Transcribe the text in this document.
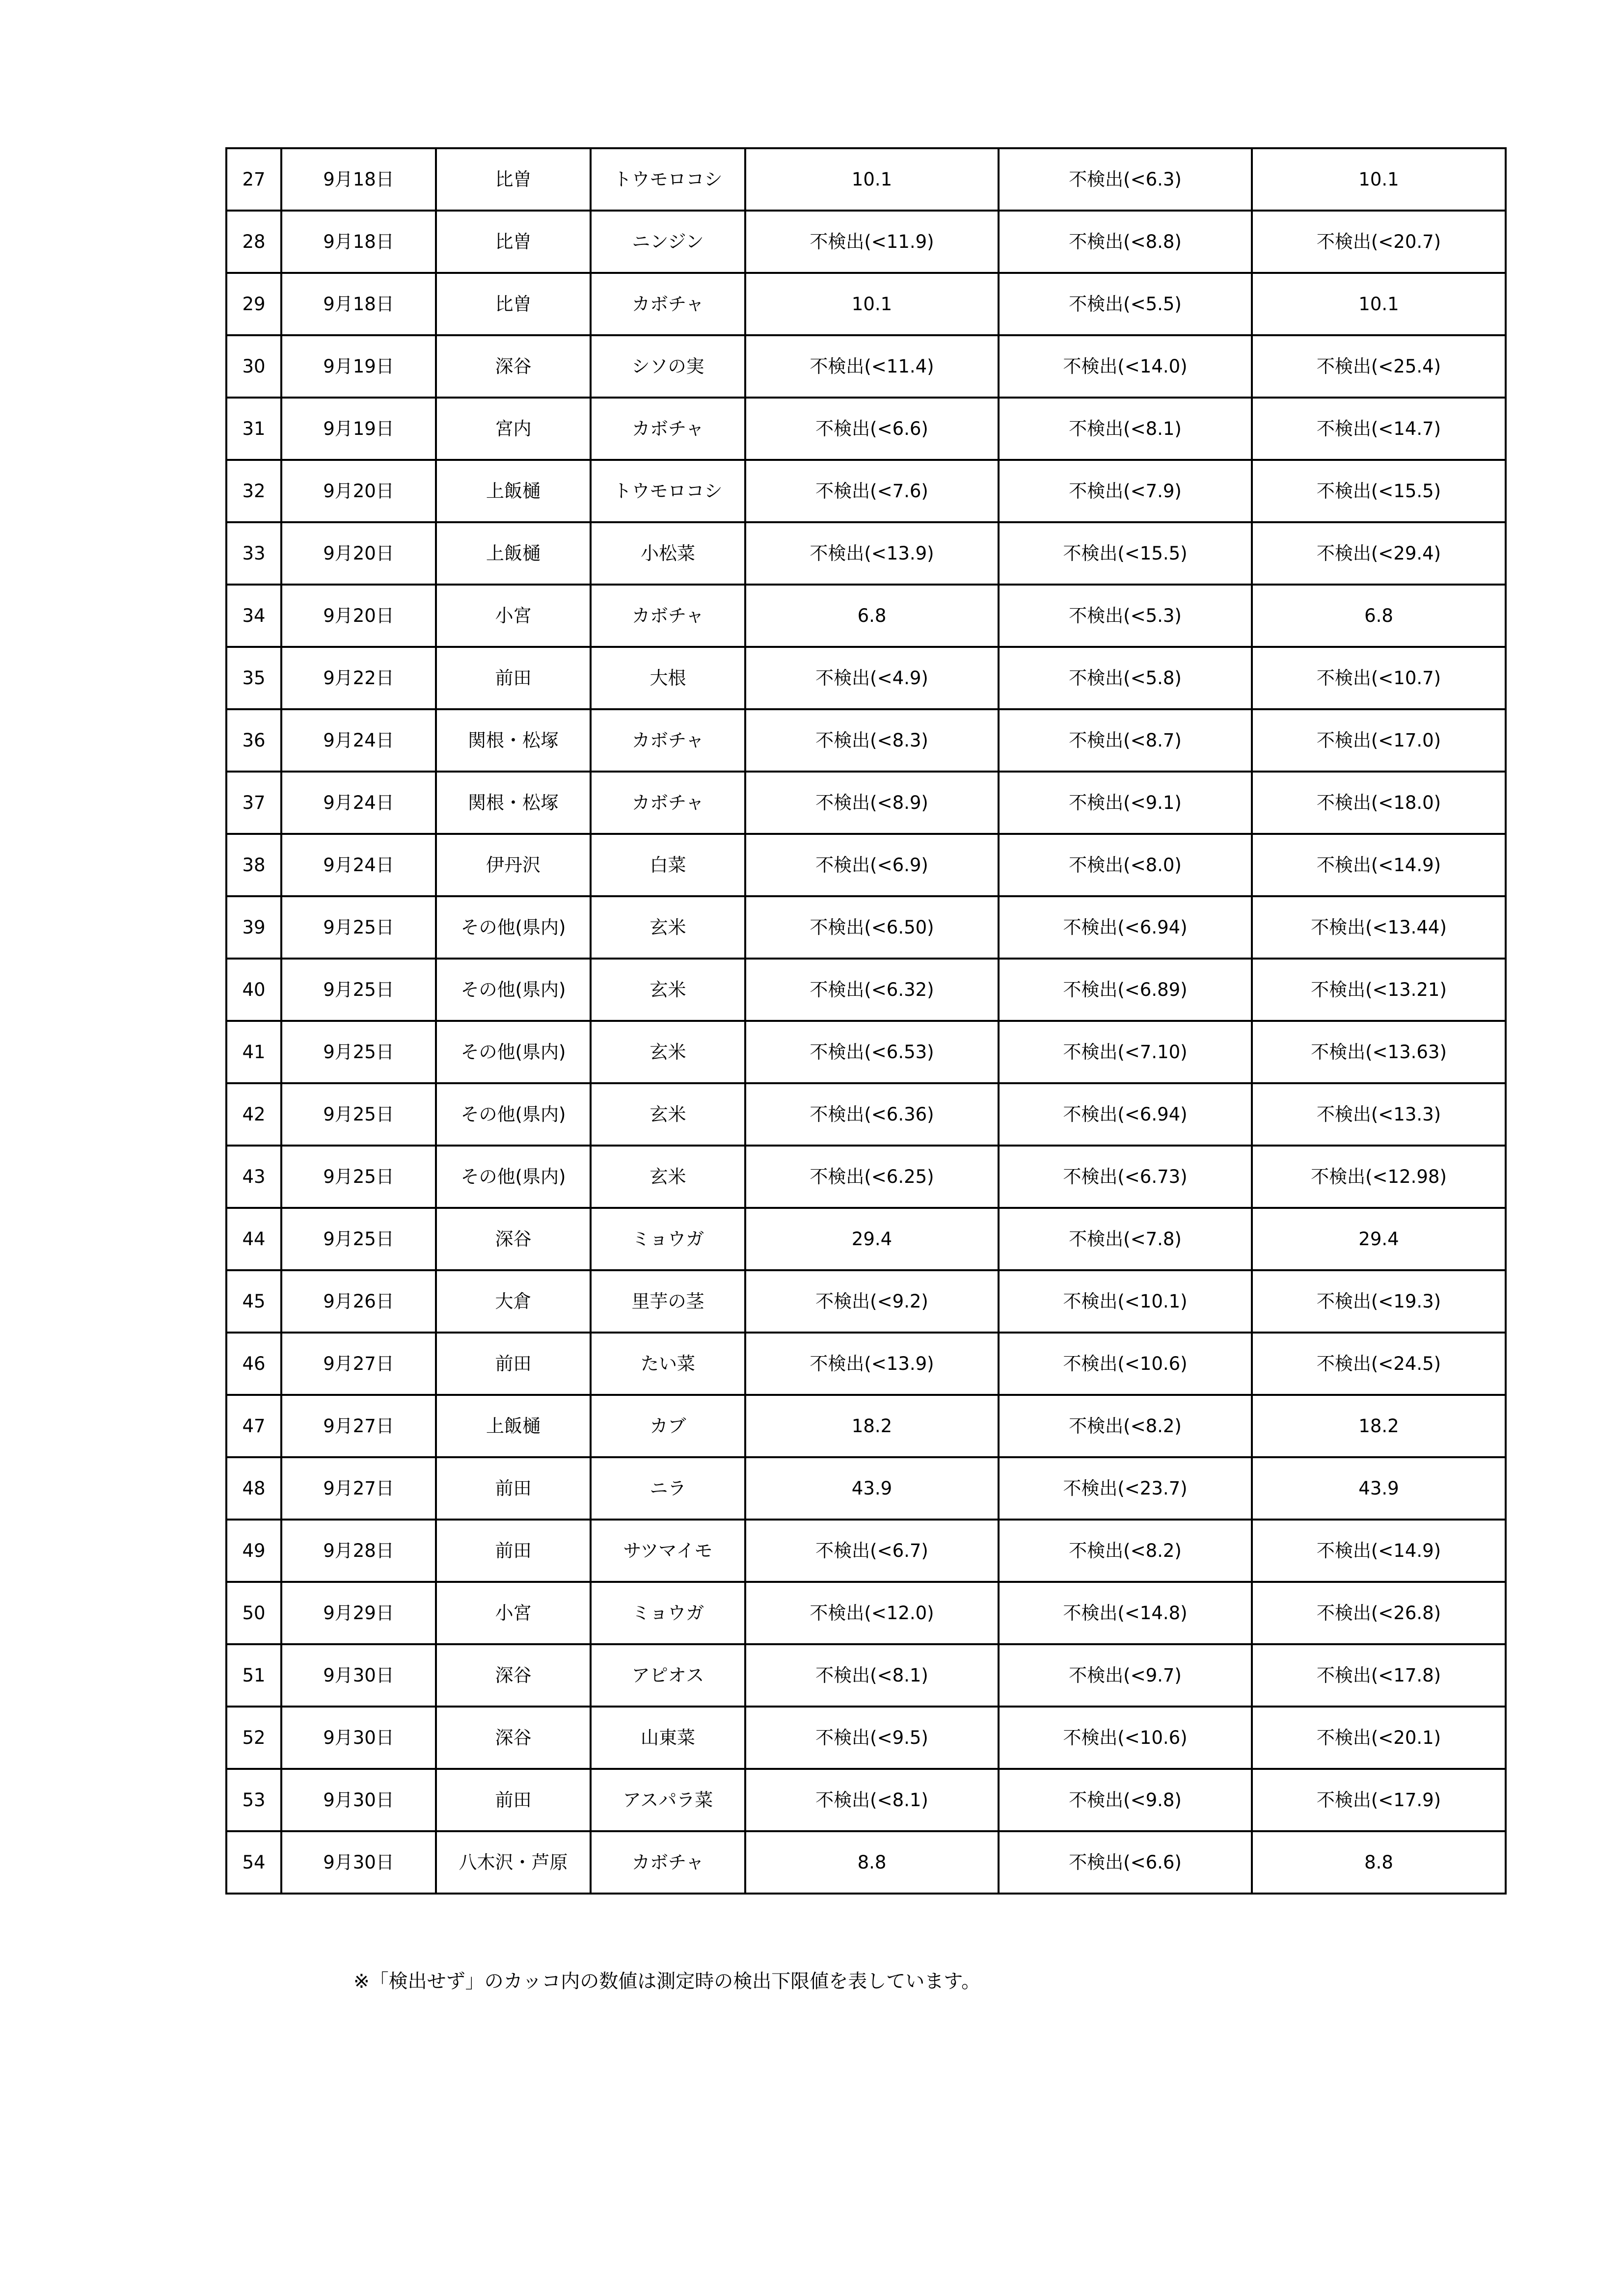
27	9月18日	比曽	トウモロコシ	10.1	不検出(<6.3)	10.1
28	9月18日	比曽	ニンジン	不検出(<11.9)	不検出(<8.8)	不検出(<20.7)
29	9月18日	比曽	カボチャ	10.1	不検出(<5.5)	10.1
30	9月19日	深谷	シソの実	不検出(<11.4)	不検出(<14.0)	不検出(<25.4)
31	9月19日	宮内	カボチャ	不検出(<6.6)	不検出(<8.1)	不検出(<14.7)
32	9月20日	上飯樋	トウモロコシ	不検出(<7.6)	不検出(<7.9)	不検出(<15.5)
33	9月20日	上飯樋	小松菜	不検出(<13.9)	不検出(<15.5)	不検出(<29.4)
34	9月20日	小宮	カボチャ	6.8	不検出(<5.3)	6.8
35	9月22日	前田	大根	不検出(<4.9)	不検出(<5.8)	不検出(<10.7)
36	9月24日	関根・松塚	カボチャ	不検出(<8.3)	不検出(<8.7)	不検出(<17.0)
37	9月24日	関根・松塚	カボチャ	不検出(<8.9)	不検出(<9.1)	不検出(<18.0)
38	9月24日	伊丹沢	白菜	不検出(<6.9)	不検出(<8.0)	不検出(<14.9)
39	9月25日	その他(県内)	玄米	不検出(<6.50)	不検出(<6.94)	不検出(<13.44)
40	9月25日	その他(県内)	玄米	不検出(<6.32)	不検出(<6.89)	不検出(<13.21)
41	9月25日	その他(県内)	玄米	不検出(<6.53)	不検出(<7.10)	不検出(<13.63)
42	9月25日	その他(県内)	玄米	不検出(<6.36)	不検出(<6.94)	不検出(<13.3)
43	9月25日	その他(県内)	玄米	不検出(<6.25)	不検出(<6.73)	不検出(<12.98)
44	9月25日	深谷	ミョウガ	29.4	不検出(<7.8)	29.4
45	9月26日	大倉	里芋の茎	不検出(<9.2)	不検出(<10.1)	不検出(<19.3)
46	9月27日	前田	たい菜	不検出(<13.9)	不検出(<10.6)	不検出(<24.5)
47	9月27日	上飯樋	カブ	18.2	不検出(<8.2)	18.2
48	9月27日	前田	ニラ	43.9	不検出(<23.7)	43.9
49	9月28日	前田	サツマイモ	不検出(<6.7)	不検出(<8.2)	不検出(<14.9)
50	9月29日	小宮	ミョウガ	不検出(<12.0)	不検出(<14.8)	不検出(<26.8)
51	9月30日	深谷	アピオス	不検出(<8.1)	不検出(<9.7)	不検出(<17.8)
52	9月30日	深谷	山東菜	不検出(<9.5)	不検出(<10.6)	不検出(<20.1)
53	9月30日	前田	アスパラ菜	不検出(<8.1)	不検出(<9.8)	不検出(<17.9)
54	9月30日	八木沢・芦原	カボチャ	8.8	不検出(<6.6)	8.8
※「検出せず」のカッコ内の数値は測定時の検出下限値を表しています。
